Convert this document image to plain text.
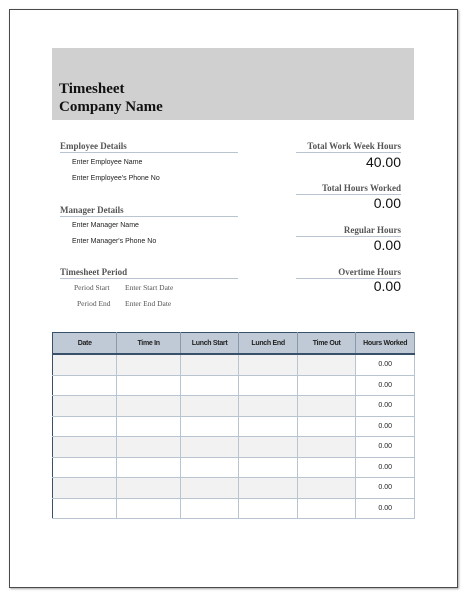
Timesheet
Company Name
Employee Details
Enter Employee Name
Enter Employee's Phone No
Manager Details
Enter Manager Name
Enter Manager's Phone No
Timesheet Period
Period Start Enter Start Date
Period End Enter End Date
Total Work Week Hours
40.00
Total Hours Worked
0.00
Regular Hours
0.00
Overtime Hours
0.00
Date	Time In	Lunch Start	Lunch End	Time Out	Hours Worked
					0.00
					0.00
					0.00
					0.00
					0.00
					0.00
					0.00
					0.00
